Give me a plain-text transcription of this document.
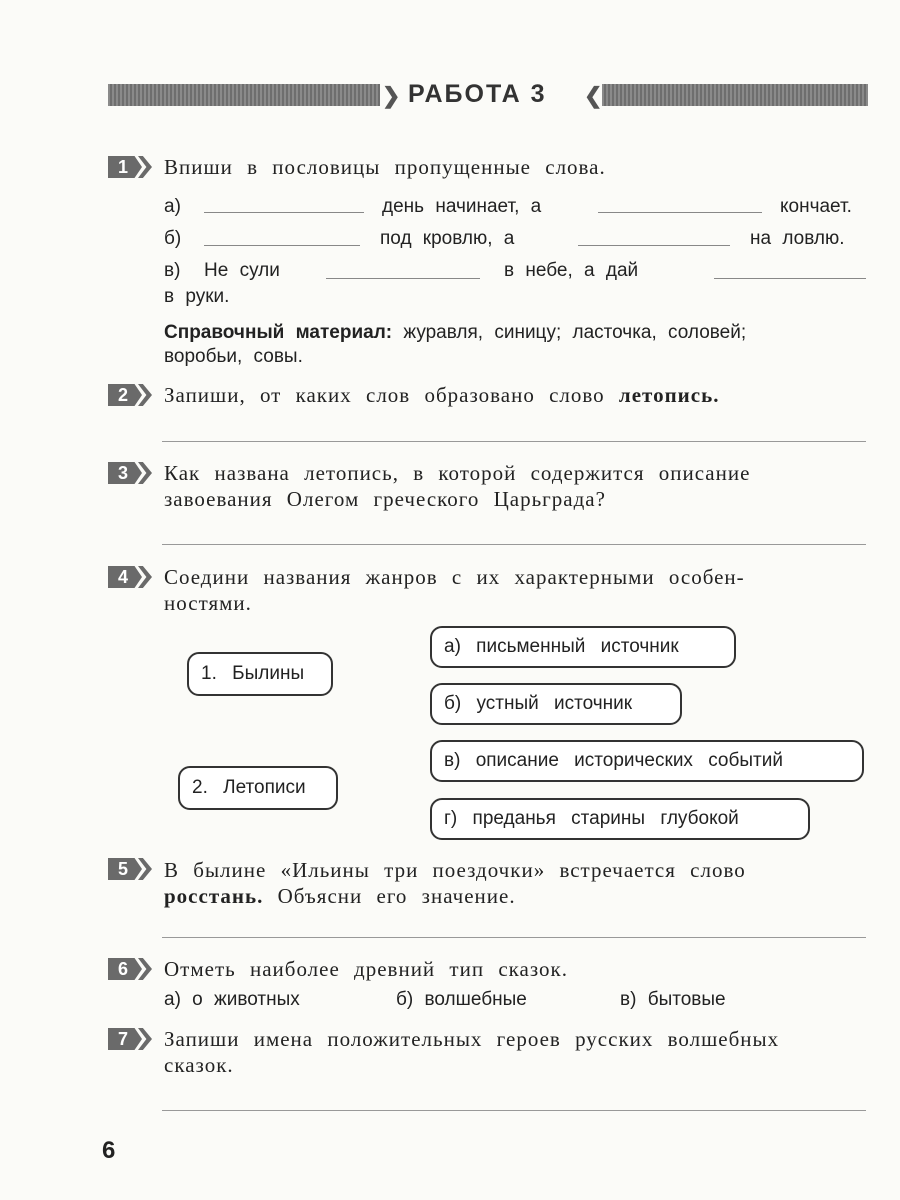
❯ РАБОТА 3 ❮
1	Впиши в пословицы пропущенные слова.
а)	день начинает, а	кончает.
б)	под кровлю, а	на ловлю.
в) Не сули	в небе, а дай
в руки.
Справочный материал: журавля, синицу; ласточка, соловей;
воробьи, совы.
2	Запиши, от каких слов образовано слово летопись.
3	Как названа летопись, в которой содержится описание
завоевания Олегом греческого Царьграда?
4	Соедини названия жанров с их характерными особен-
ностями.
1. Былины
2. Летописи
а) письменный источник
б) устный источник
в) описание исторических событий
г) преданья старины глубокой
5	В былине «Ильины три поездочки» встречается слово
росстань. Объясни его значение.
6	Отметь наиболее древний тип сказок.
а) о животных	б) волшебные	в) бытовые
7	Запиши имена положительных героев русских волшебных
сказок.
6
